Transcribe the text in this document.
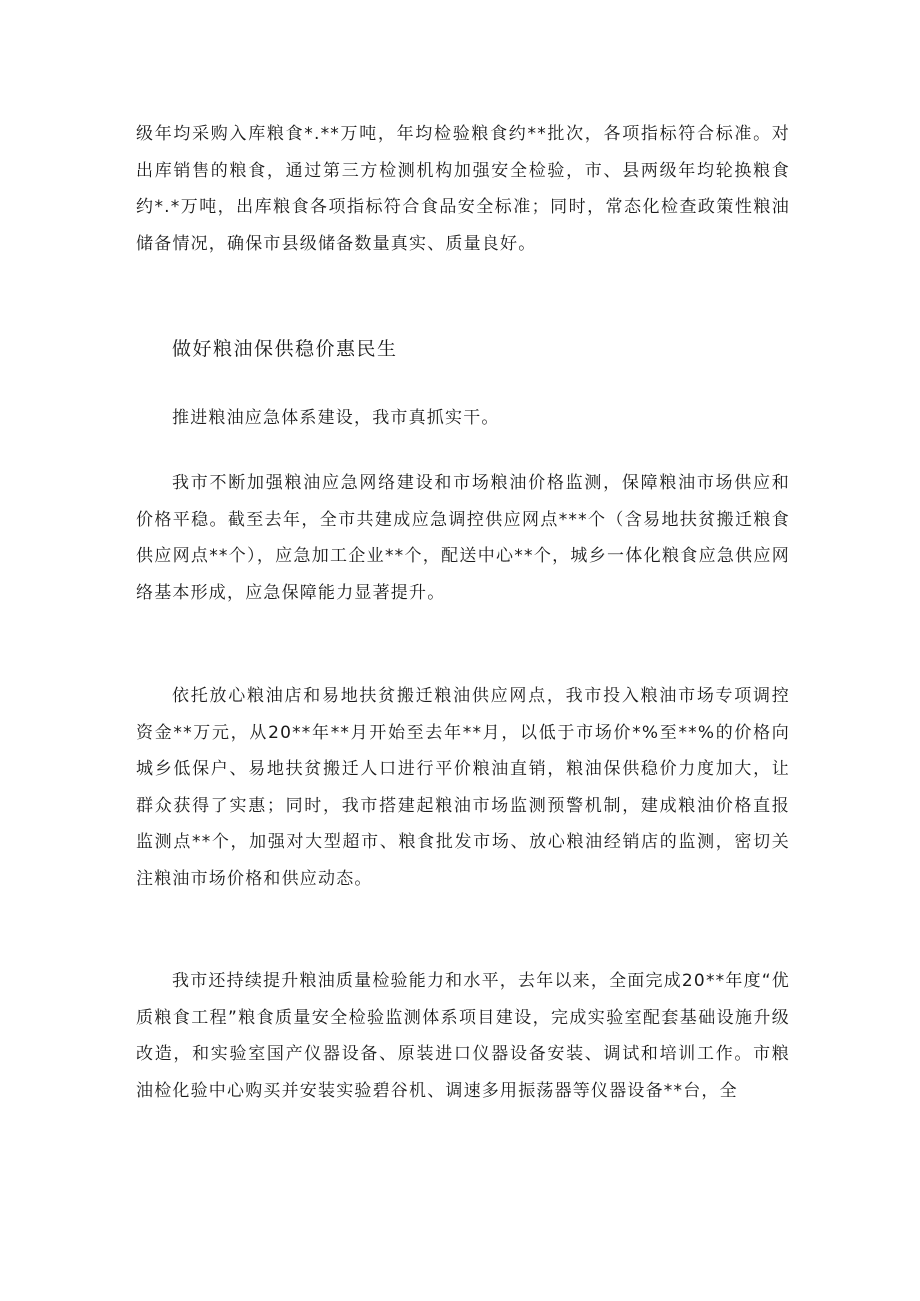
级年均采购入库粮食*.**万吨，年均检验粮食约**批次，各项指标符合标准。对出库销售的粮食，通过第三方检测机构加强安全检验，市、县两级年均轮换粮食约*.*万吨，出库粮食各项指标符合食品安全标准；同时，常态化检查政策性粮油储备情况，确保市县级储备数量真实、质量良好。

做好粮油保供稳价惠民生

推进粮油应急体系建设，我市真抓实干。

我市不断加强粮油应急网络建设和市场粮油价格监测，保障粮油市场供应和价格平稳。截至去年，全市共建成应急调控供应网点***个（含易地扶贫搬迁粮食供应网点**个），应急加工企业**个，配送中心**个，城乡一体化粮食应急供应网络基本形成，应急保障能力显著提升。

依托放心粮油店和易地扶贫搬迁粮油供应网点，我市投入粮油市场专项调控资金**万元，从20**年**月开始至去年**月，以低于市场价*%至**%的价格向城乡低保户、易地扶贫搬迁人口进行平价粮油直销，粮油保供稳价力度加大，让群众获得了实惠；同时，我市搭建起粮油市场监测预警机制，建成粮油价格直报监测点**个，加强对大型超市、粮食批发市场、放心粮油经销店的监测，密切关注粮油市场价格和供应动态。

我市还持续提升粮油质量检验能力和水平，去年以来，全面完成20**年度“优质粮食工程”粮食质量安全检验监测体系项目建设，完成实验室配套基础设施升级改造，和实验室国产仪器设备、原装进口仪器设备安装、调试和培训工作。市粮油检化验中心购买并安装实验碧谷机、调速多用振荡器等仪器设备**台，全
